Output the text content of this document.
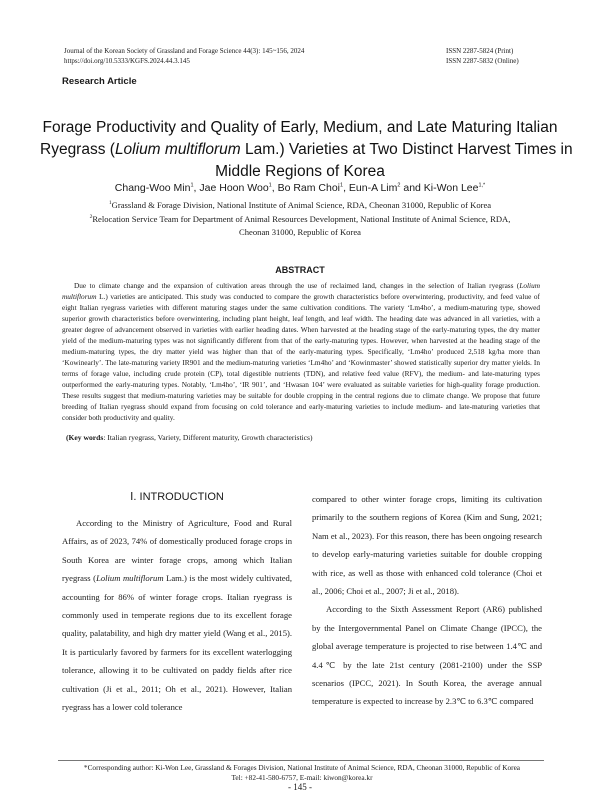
Journal of the Korean Society of Grassland and Forage Science 44(3): 145~156, 2024
https://doi.org/10.5333/KGFS.2024.44.3.145
ISSN 2287-5824 (Print)
ISSN 2287-5832 (Online)
Research Article
Forage Productivity and Quality of Early, Medium, and Late Maturing Italian
Ryegrass (Lolium multiflorum Lam.) Varieties at Two Distinct Harvest Times in
Middle Regions of Korea
Chang-Woo Min$^1$, Jae Hoon Woo$^1$, Bo Ram Choi$^1$, Eun-A Lim$^2$ and Ki-Won Lee$^{1,*}$
$^1$Grassland & Forage Division, National Institute of Animal Science, RDA, Cheonan 31000, Republic of Korea
$^2$Relocation Service Team for Department of Animal Resources Development, National Institute of Animal Science, RDA,
Cheonan 31000, Republic of Korea
ABSTRACT

Due to climate change and the expansion of cultivation areas through the use of reclaimed land, changes in the selection of Italian ryegrass (Lolium multiflorum L.) varieties are anticipated. This study was conducted to compare the growth characteristics before overwintering, productivity, and feed value of eight Italian ryegrass varieties with different maturing stages under the same cultivation conditions. The variety ‘Lm4ho’, a medium-maturing type, showed superior growth characteristics before overwintering, including plant height, leaf length, and leaf width. The heading date was advanced in all varieties, with a greater degree of advancement observed in varieties with earlier heading dates. When harvested at the heading stage of the early-maturing types, the dry matter yield of the medium-maturing types was not significantly different from that of the early-maturing types. However, when harvested at the heading stage of the medium-maturing types, the dry matter yield was higher than that of the early-maturing types. Specifically, ‘Lm4ho’ produced 2,518 kg/ha more than ‘Kowinearly’. The late-maturing variety IR901 and the medium-maturing varieties ‘Lm4ho’ and ‘Kowinmaster’ showed statistically superior dry matter yields. In terms of forage value, including crude protein (CP), total digestible nutrients (TDN), and relative feed value (RFV), the medium- and late-maturing types outperformed the early-maturing types. Notably, ‘Lm4ho’, ‘IR 901’, and ‘Hwasan 104’ were evaluated as suitable varieties for high-quality forage production. These results suggest that medium-maturing varieties may be suitable for double cropping in the central regions due to climate change. We propose that future breeding of Italian ryegrass should expand from focusing on cold tolerance and early-maturing varieties to include medium- and late-maturing varieties that consider both productivity and quality.

(Key words: Italian ryegrass, Variety, Different maturity, Growth characteristics)

Ⅰ. INTRODUCTION

According to the Ministry of Agriculture, Food and Rural Affairs, as of 2023, 74% of domestically produced forage crops in South Korea are winter forage crops, among which Italian ryegrass (Lolium multiflorum Lam.) is the most widely cultivated, accounting for 86% of winter forage crops. Italian ryegrass is commonly used in temperate regions due to its excellent forage quality, palatability, and high dry matter yield (Wang et al., 2015). It is particularly favored by farmers for its excellent waterlogging tolerance, allowing it to be cultivated on paddy fields after rice cultivation (Ji et al., 2011; Oh et al., 2021). However, Italian ryegrass has a lower cold tolerance

compared to other winter forage crops, limiting its cultivation primarily to the southern regions of Korea (Kim and Sung, 2021; Nam et al., 2023). For this reason, there has been ongoing research to develop early-maturing varieties suitable for double cropping with rice, as well as those with enhanced cold tolerance (Choi et al., 2006; Choi et al., 2007; Ji et al., 2018).

According to the Sixth Assessment Report (AR6) published by the Intergovernmental Panel on Climate Change (IPCC), the global average temperature is projected to rise between 1.4℃ and 4.4℃ by the late 21st century (2081-2100) under the SSP scenarios (IPCC, 2021). In South Korea, the average annual temperature is expected to increase by 2.3℃ to 6.3℃ compared

*Corresponding author: Ki-Won Lee, Grassland & Forages Division, National Institute of Animal Science, RDA, Cheonan 31000, Republic of Korea
Tel: +82-41-580-6757, E-mail: kiwon@korea.kr
- 145 -
